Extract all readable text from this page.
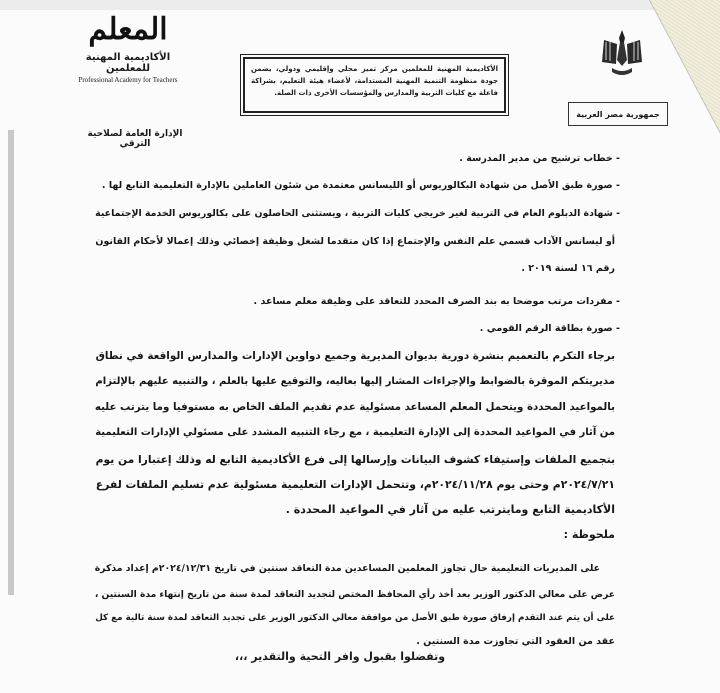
المعلم
الأكاديمية المهنية للمعلمين
Professional Academy for Teachers
الإدارة العامة لصلاحية الترقي
الأكاديمية المهنية للمعلمين مركز تميز محلي وإقليمي ودولي، يضمن جودة منظومة التنمية المهنية المستدامة، لأعضاء هيئة التعليم، بشراكة فاعلة مع كليات التربية والمدارس والمؤسسات الأخرى ذات الصلة.
جمهورية مصر العربية
- خطاب ترشيح من مدير المدرسة .
- صورة طبق الأصل من شهادة البكالوريوس أو الليسانس معتمدة من شئون العاملين بالإدارة التعليمية التابع لها .
- شهادة الدبلوم العام في التربية لغير خريجي كليات التربية ، ويستثنى الحاصلون على بكالوريوس الخدمة الإجتماعية
أو ليسانس الآداب قسمي علم النفس والإجتماع إذا كان متقدما لشغل وظيفة إخصائي وذلك إعمالا لأحكام القانون
رقم ١٦ لسنة ٢٠١٩ .
- مفردات مرتب موضحا به بند الصرف المحدد للتعاقد على وظيفة معلم مساعد .
- صورة بطاقة الرقم القومي .
برجاء التكرم بالتعميم بنشرة دورية بديوان المديرية وجميع دواوين الإدارات والمدارس الواقعة في نطاق
مديريتكم الموقرة بالضوابط والإجراءات المشار إليها بعاليه، والتوقيع عليها بالعلم ، والتنبيه عليهم بالإلتزام
بالمواعيد المحددة ويتحمل المعلم المساعد مسئولية عدم تقديم الملف الخاص به مستوفيا وما يترتب عليه
من آثار في المواعيد المحددة إلى الإدارة التعليمية ، مع رجاء التنبيه المشدد على مسئولي الإدارات التعليمية
بتجميع الملفات وإستيفاء كشوف البيانات وإرسالها إلى فرع الأكاديمية التابع له وذلك إعتبارا من يوم
٢٠٢٤/٧/٢١م وحتى يوم ٢٠٢٤/١١/٢٨م، وتتحمل الإدارات التعليمية مسئولية عدم تسليم الملفات لفرع
الأكاديمية التابع ومايترتب عليه من آثار في المواعيد المحددة .
ملحوظة :
على المديريات التعليمية حال تجاوز المعلمين المساعدين مدة التعاقد سنتين في تاريخ ٢٠٢٤/١٢/٣١م إعداد مذكرة
عرض على معالي الدكتور الوزير بعد أخذ رأي المحافظ المختص لتجديد التعاقد لمدة سنة من تاريخ إنتهاء مدة السنتين ،
على أن يتم عند التقدم إرفاق صورة طبق الأصل من موافقة معالي الدكتور الوزير على تجديد التعاقد لمدة سنة تالية مع كل
عقد من العقود التي تجاوزت مدة السنتين .
وتفضلوا بقبول وافر التحية والتقدير ،،،
